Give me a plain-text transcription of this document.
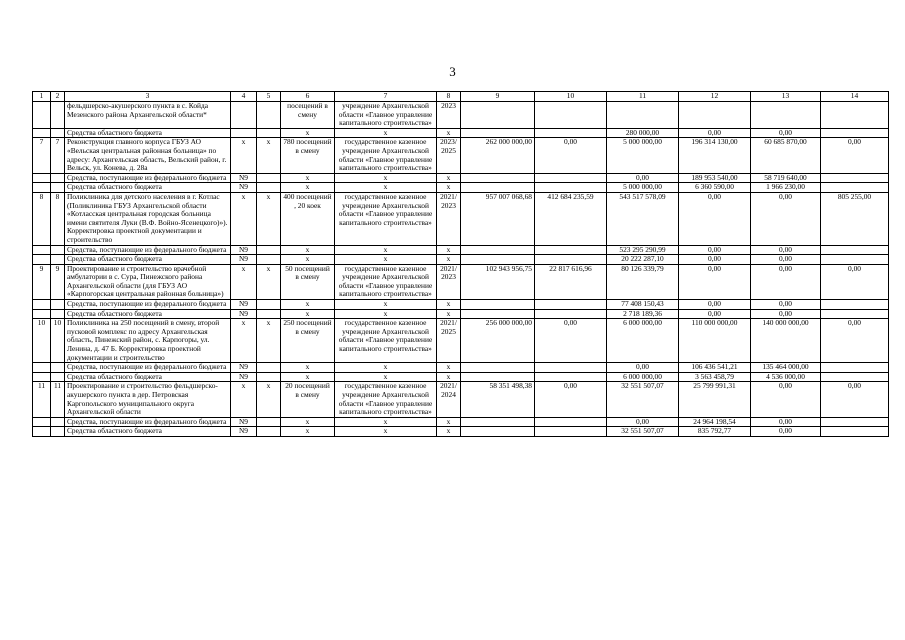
3
1	2	3	4	5	6	7	8	9	10	11	12	13	14
		фельдшерско-акушерского пункта в с. Койда Мезенского района Архангельской области*			посещений в смену	учреждение Архангельской области «Главное управление капитального строительства»	2023						
		Средства областного бюджета			x	x	x			280 000,00	0,00	0,00	
7	7	Реконструкция главного корпуса ГБУЗ АО «Вельская центральная районная больница» по адресу: Архангельская область, Вельский район, г. Вельск, ул. Конева, д. 28а	x	x	780 посещений в смену	государственное казенное учреждение Архангельской области «Главное управление капитального строительства»	2023/ 2025	262 000 000,00	0,00	5 000 000,00	196 314 130,00	60 685 870,00	0,00
		Средства, поступающие из федерального бюджета	N9		x	x	x			0,00	189 953 540,00	58 719 640,00	
		Средства областного бюджета	N9		x	x	x			5 000 000,00	6 360 590,00	1 966 230,00	
8	8	Поликлиника для детского населения в г. Котлас (Поликлиника ГБУЗ Архангельской области «Котласская центральная городская больница имени святителя Луки (В.Ф. Войно-Ясенецкого)»). Корректировка проектной документации и строительство	x	x	400 посещений , 20 коек	государственное казенное учреждение Архангельской области «Главное управление капитального строительства»	2021/ 2023	957 007 068,68	412 684 235,59	543 517 578,09	0,00	0,00	805 255,00
		Средства, поступающие из федерального бюджета	N9		x	x	x			523 295 290,99	0,00	0,00	
		Средства областного бюджета	N9		x	x	x			20 222 287,10	0,00	0,00	
9	9	Проектирование и строительство врачебной амбулатории в с. Сура, Пинежского района Архангельской области (для ГБУЗ АО «Карпогорская центральная районная больница»)	x	x	50 посещений в смену	государственное казенное учреждение Архангельской области «Главное управление капитального строительства»	2021/ 2023	102 943 956,75	22 817 616,96	80 126 339,79	0,00	0,00	0,00
		Средства, поступающие из федерального бюджета	N9		x	x	x			77 408 150,43	0,00	0,00	
		Средства областного бюджета	N9		x	x	x			2 718 189,36	0,00	0,00	
10	10	Поликлиника на 250 посещений в смену, второй пусковой комплекс по адресу Архангельская область, Пинежский район, с. Карпогоры, ул. Ленина, д. 47 Б. Корректировка проектной документации и строительство	x	x	250 посещений в смену	государственное казенное учреждение Архангельской области «Главное управление капитального строительства»	2021/ 2025	256 000 000,00	0,00	6 000 000,00	110 000 000,00	140 000 000,00	0,00
		Средства, поступающие из федерального бюджета	N9		x	x	x			0,00	106 436 541,21	135 464 000,00	
		Средства областного бюджета	N9		x	x	x			6 000 000,00	3 563 458,79	4 536 000,00	
11	11	Проектирование и строительство фельдшерско-акушерского пункта в дер. Петровская Каргопольского муниципального округа Архангельской области	x	x	20 посещений в смену	государственное казенное учреждение Архангельской области «Главное управление капитального строительства»	2021/ 2024	58 351 498,38	0,00	32 551 507,07	25 799 991,31	0,00	0,00
		Средства, поступающие из федерального бюджета	N9		x	x	x			0,00	24 964 198,54	0,00	
		Средства областного бюджета	N9		x	x	x			32 551 507,07	835 792,77	0,00	
